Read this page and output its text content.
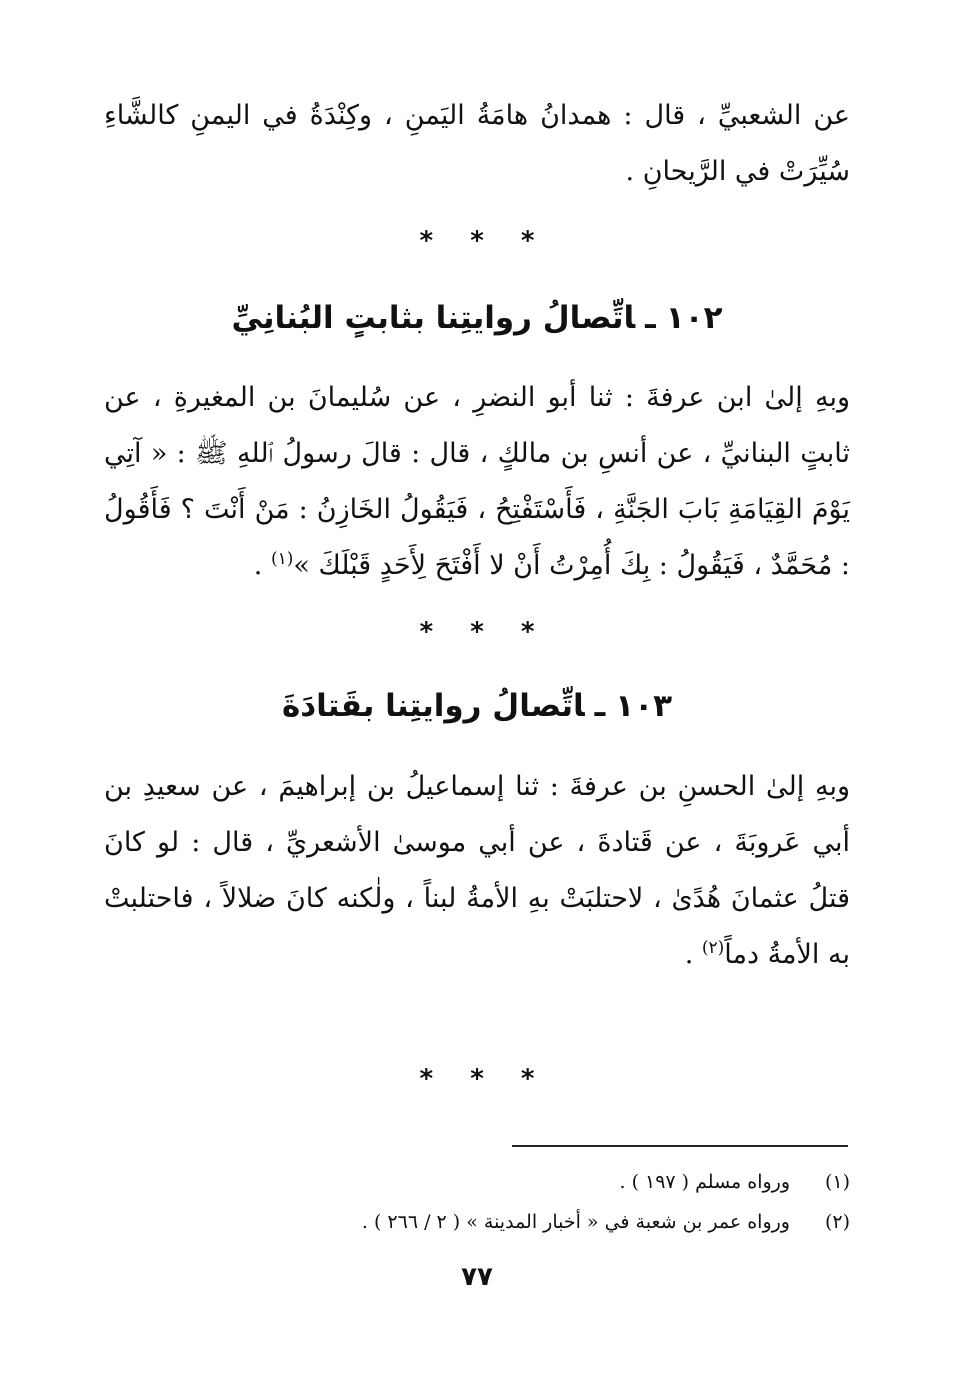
عن الشعبيِّ ، قال : همدانُ هامَةُ اليَمنِ ، وكِنْدَةُ في اليمنِ كالشَّاءِ سُيِّرَتْ في الرَّيحانِ .

* * *
١٠٢ـاتِّصالُ روايتِنا بثابتٍ البُنانِيِّ

وبهِ إلىٰ ابن عرفةَ : ثنا أبو النضرِ ، عن سُليمانَ بن المغيرةِ ، عن ثابتٍ البنانيِّ ، عن أنسِ بن مالكٍ ، قال : قالَ رسولُ ٱللهِ ﷺ : « آتِي يَوْمَ القِيَامَةِ بَابَ الجَنَّةِ ، فَأَسْتَفْتِحُ ، فَيَقُولُ الخَازِنُ : مَنْ أَنْتَ ؟ فَأَقُولُ : مُحَمَّدٌ ، فَيَقُولُ : بِكَ أُمِرْتُ أَنْ لا أَفْتَحَ لِأَحَدٍ قَبْلَكَ »$^{(١)}$ .

* * *
١٠٣ـاتِّصالُ روايتِنا بقَتادَةَ

وبهِ إلىٰ الحسنِ بن عرفةَ : ثنا إسماعيلُ بن إبراهيمَ ، عن سعيدِ بن أبي عَروبَةَ ، عن قَتادةَ ، عن أبي موسىٰ الأشعريِّ ، قال : لو كانَ قتلُ عثمانَ هُدًىٰ ، لاحتلبَتْ بهِ الأمةُ لبناً ، ولٰكنه كانَ ضلالاً ، فاحتلبتْ به الأمةُ دماً$^{(٢)}$ .

* * *

(١)ورواه مسلم ( ١٩٧ ) .

(٢)ورواه عمر بن شعبة في « أخبار المدينة » ( ٢ / ٢٦٦ ) .

٧٧
